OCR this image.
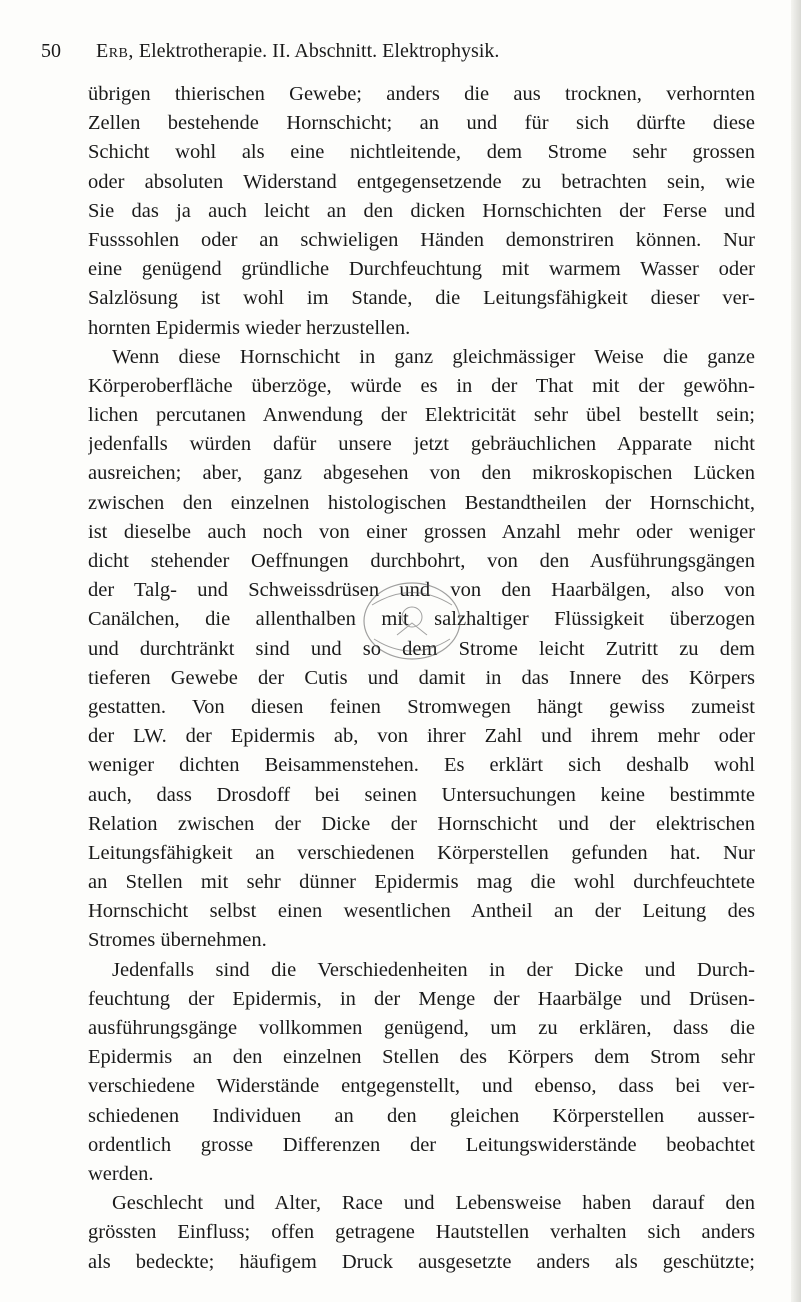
50 Erb, Elektrotherapie. II. Abschnitt. Elektrophysik.
übrigen thierischen Gewebe; anders die aus trocknen, verhornten
Zellen bestehende Hornschicht; an und für sich dürfte diese
Schicht wohl als eine nichtleitende, dem Strome sehr grossen
oder absoluten Widerstand entgegensetzende zu betrachten sein, wie
Sie das ja auch leicht an den dicken Hornschichten der Ferse und
Fusssohlen oder an schwieligen Händen demonstriren können. Nur
eine genügend gründliche Durchfeuchtung mit warmem Wasser oder
Salzlösung ist wohl im Stande, die Leitungsfähigkeit dieser ver-
hornten Epidermis wieder herzustellen.
Wenn diese Hornschicht in ganz gleichmässiger Weise die ganze
Körperoberfläche überzöge, würde es in der That mit der gewöhn-
lichen percutanen Anwendung der Elektricität sehr übel bestellt sein;
jedenfalls würden dafür unsere jetzt gebräuchlichen Apparate nicht
ausreichen; aber, ganz abgesehen von den mikroskopischen Lücken
zwischen den einzelnen histologischen Bestandtheilen der Hornschicht,
ist dieselbe auch noch von einer grossen Anzahl mehr oder weniger
dicht stehender Oeffnungen durchbohrt, von den Ausführungsgängen
der Talg- und Schweissdrüsen und von den Haarbälgen, also von
Canälchen, die allenthalben mit salzhaltiger Flüssigkeit überzogen
und durchtränkt sind und so dem Strome leicht Zutritt zu dem
tieferen Gewebe der Cutis und damit in das Innere des Körpers
gestatten. Von diesen feinen Stromwegen hängt gewiss zumeist
der LW. der Epidermis ab, von ihrer Zahl und ihrem mehr oder
weniger dichten Beisammenstehen. Es erklärt sich deshalb wohl
auch, dass Drosdoff bei seinen Untersuchungen keine bestimmte
Relation zwischen der Dicke der Hornschicht und der elektrischen
Leitungsfähigkeit an verschiedenen Körperstellen gefunden hat. Nur
an Stellen mit sehr dünner Epidermis mag die wohl durchfeuchtete
Hornschicht selbst einen wesentlichen Antheil an der Leitung des
Stromes übernehmen.
Jedenfalls sind die Verschiedenheiten in der Dicke und Durch-
feuchtung der Epidermis, in der Menge der Haarbälge und Drüsen-
ausführungsgänge vollkommen genügend, um zu erklären, dass die
Epidermis an den einzelnen Stellen des Körpers dem Strom sehr
verschiedene Widerstände entgegenstellt, und ebenso, dass bei ver-
schiedenen Individuen an den gleichen Körperstellen ausser-
ordentlich grosse Differenzen der Leitungswiderstände beobachtet
werden.
Geschlecht und Alter, Race und Lebensweise haben darauf den
grössten Einfluss; offen getragene Hautstellen verhalten sich anders
als bedeckte; häufigem Druck ausgesetzte anders als geschützte;
